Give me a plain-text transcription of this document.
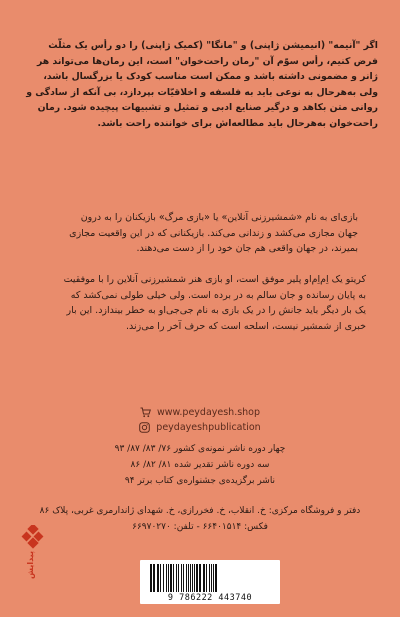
اگر "آنیمه" (انیمیشن ژاپنی) و "مانگا" (کمیک ژاپنی) را دو رأس یک مثلّث
فرض کنیم، رأس سوّم آن "رمان راحت‌خوان" است، این رمان‌ها می‌تواند هر
ژانر و مضمونی داشته باشد و ممکن است مناسب کودک یا بزرگسال باشد،
ولی به‌هرحال به نوعی باید به فلسفه و اخلاقیّات بپردازد، بی آنکه از سادگی و
روانی متن بکاهد و درگیر صنایع ادبی و تمثیل و تشبیهات پیچیده شود. رمان
راحت‌خوان به‌هرحال باید مطالعه‌اش برای خواننده راحت باشد.
بازی‌ای به نام «شمشیرزنی آنلاین» یا «بازی مرگ» بازیکنان را به درون
جهان مجازی می‌کشد و زندانی می‌کند. بازیکنانی که در این واقعیت مجازی
بمیرند، در جهان واقعی هم جان خود را از دست می‌دهند.
کریتو یک اِم‌اِم‌او پلیر موفق است، او بازی هنر شمشیرزنی آنلاین را با موفقیت
به پایان رسانده و جان سالم به در برده است. ولی خیلی طولی نمی‌کشد که
یک بار دیگر باید جانش را در یک بازی به نام جی‌جی‌او به خطر بیندازد. این بار
خبری از شمشیر نیست، اسلحه است که حرف آخر را می‌زند.
www.peydayesh.shop
peydayeshpublication
چهار دوره ناشر نمونه‌ی کشور ۷۶/ ۸۳/ ۸۷/ ۹۳
سه دوره ناشر تقدیر شده ۸۱/ ۸۲/ ۸۶
ناشر برگزیده‌ی جشنواره‌ی کتاب برتر ۹۴
دفتر و فروشگاه مرکزی: خ. انقلاب، خ. فخررازی، خ. شهدای ژاندارمری غربی، پلاک ۸۶
فکس: ۶۶۴۰۱۵۱۴ - تلفن: ۶۶۹۷۰۲۷۰
پیدایش
9 786222 443740
